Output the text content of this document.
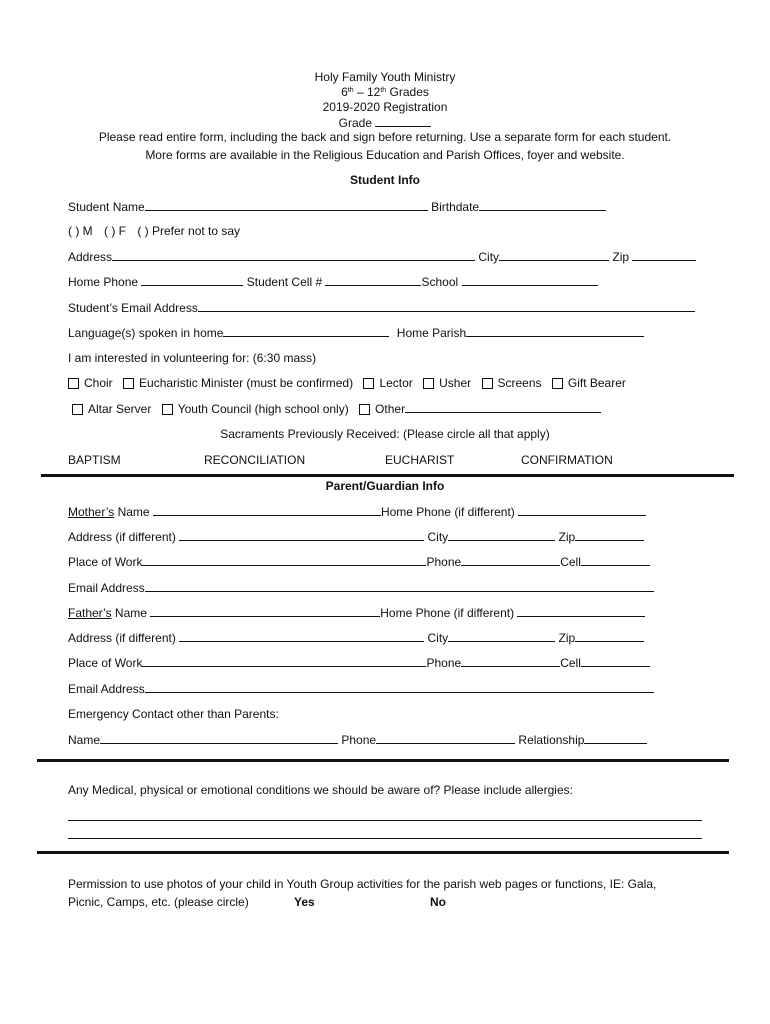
Holy Family Youth Ministry
6th – 12th Grades
2019-2020 Registration
Grade
Please read entire form, including the back and sign before returning. Use a separate form for each student.
More forms are available in the Religious Education and Parish Offices, foyer and website.
Student Info
Student Name	Birthdate
( ) M ( ) F ( ) Prefer not to say
Address	City	Zip
Home Phone	Student Cell #	School
Student’s Email Address
Language(s) spoken in home	Home Parish
I am interested in volunteering for: (6:30 mass)
Choir Eucharistic Minister (must be confirmed) Lector Usher Screens Gift Bearer
Altar Server Youth Council (high school only) Other
Sacraments Previously Received: (Please circle all that apply)
BAPTISM	RECONCILIATION	EUCHARIST	CONFIRMATION
Parent/Guardian Info
Mother’s Name	Home Phone (if different)
Address (if different)	City	Zip
Place of Work	Phone	Cell
Email Address
Father’s Name	Home Phone (if different)
Address (if different)	City	Zip
Place of Work	Phone	Cell
Email Address
Emergency Contact other than Parents:
Name	Phone	Relationship
Any Medical, physical or emotional conditions we should be aware of? Please include allergies:
Permission to use photos of your child in Youth Group activities for the parish web pages or functions, IE: Gala,
Picnic, Camps, etc. (please circle)	Yes	No
